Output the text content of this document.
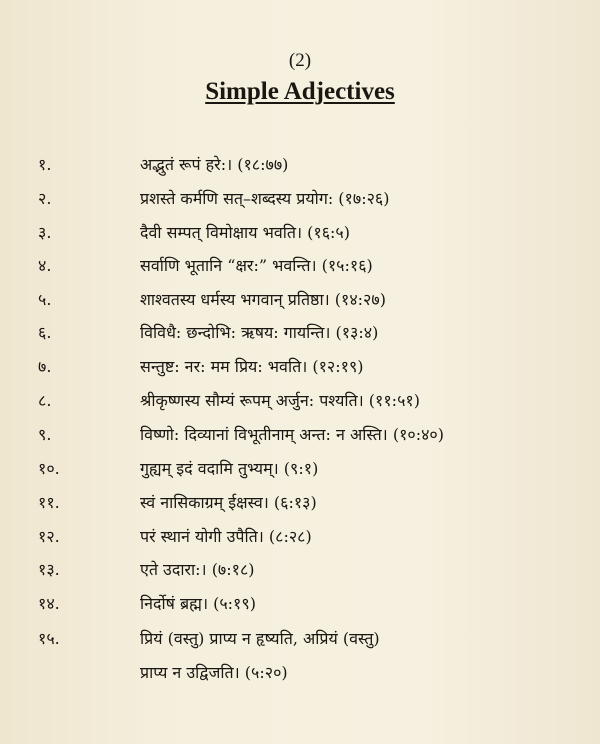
(2)
Simple Adjectives
१.	अद्भुतं रूपं हरे:। (१८:७७)
२.	प्रशस्ते कर्मणि सत्–शब्दस्य प्रयोग: (१७:२६)
३.	दैवी सम्पत् विमोक्षाय भवति। (१६:५)
४.	सर्वाणि भूतानि “क्षर:” भवन्ति। (१५:१६)
५.	शाश्वतस्य धर्मस्य भगवान् प्रतिष्ठा। (१४:२७)
६.	विविधै: छन्दोभि: ऋषय: गायन्ति। (१३:४)
७.	सन्तुष्ट: नर: मम प्रिय: भवति। (१२:१९)
८.	श्रीकृष्णस्य सौम्यं रूपम् अर्जुन: पश्यति। (११:५१)
९.	विष्णो: दिव्यानां विभूतीनाम् अन्त: न अस्ति। (१०:४०)
१०.	गुह्यम् इदं वदामि तुभ्यम्। (९:१)
११.	स्वं नासिकाग्रम् ईक्षस्व। (६:१३)
१२.	परं स्थानं योगी उपैति। (८:२८)
१३.	एते उदारा:। (७:१८)
१४.	निर्दोषं ब्रह्म। (५:१९)
१५.	प्रियं (वस्तु) प्राप्य न हृष्यति, अप्रियं (वस्तु)
प्राप्य न उद्विजति। (५:२०)
